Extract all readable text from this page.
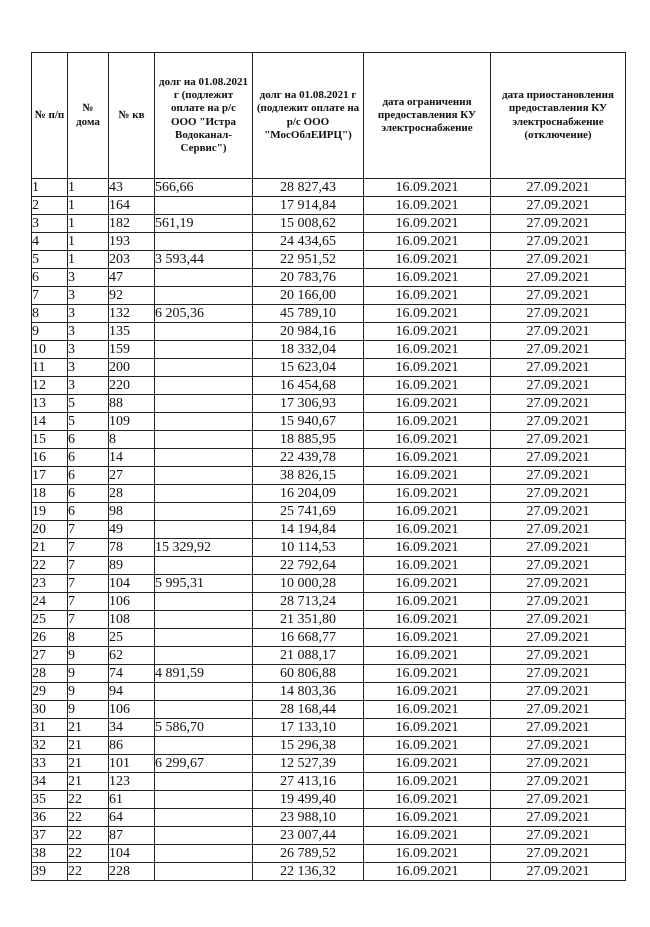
№ п/п	№ дома	№ кв	долг на 01.08.2021 г (подлежит оплате на р/с ООО "Истра Водоканал-Сервис")	долг на 01.08.2021 г (подлежит оплате на р/с ООО "МосОблЕИРЦ")	дата ограничения предоставления КУ электроснабжение	дата приостановления предоставления КУ электроснабжение (отключение)
1	1	43	566,66	28 827,43	16.09.2021	27.09.2021
2	1	164		17 914,84	16.09.2021	27.09.2021
3	1	182	561,19	15 008,62	16.09.2021	27.09.2021
4	1	193		24 434,65	16.09.2021	27.09.2021
5	1	203	3 593,44	22 951,52	16.09.2021	27.09.2021
6	3	47		20 783,76	16.09.2021	27.09.2021
7	3	92		20 166,00	16.09.2021	27.09.2021
8	3	132	6 205,36	45 789,10	16.09.2021	27.09.2021
9	3	135		20 984,16	16.09.2021	27.09.2021
10	3	159		18 332,04	16.09.2021	27.09.2021
11	3	200		15 623,04	16.09.2021	27.09.2021
12	3	220		16 454,68	16.09.2021	27.09.2021
13	5	88		17 306,93	16.09.2021	27.09.2021
14	5	109		15 940,67	16.09.2021	27.09.2021
15	6	8		18 885,95	16.09.2021	27.09.2021
16	6	14		22 439,78	16.09.2021	27.09.2021
17	6	27		38 826,15	16.09.2021	27.09.2021
18	6	28		16 204,09	16.09.2021	27.09.2021
19	6	98		25 741,69	16.09.2021	27.09.2021
20	7	49		14 194,84	16.09.2021	27.09.2021
21	7	78	15 329,92	10 114,53	16.09.2021	27.09.2021
22	7	89		22 792,64	16.09.2021	27.09.2021
23	7	104	5 995,31	10 000,28	16.09.2021	27.09.2021
24	7	106		28 713,24	16.09.2021	27.09.2021
25	7	108		21 351,80	16.09.2021	27.09.2021
26	8	25		16 668,77	16.09.2021	27.09.2021
27	9	62		21 088,17	16.09.2021	27.09.2021
28	9	74	4 891,59	60 806,88	16.09.2021	27.09.2021
29	9	94		14 803,36	16.09.2021	27.09.2021
30	9	106		28 168,44	16.09.2021	27.09.2021
31	21	34	5 586,70	17 133,10	16.09.2021	27.09.2021
32	21	86		15 296,38	16.09.2021	27.09.2021
33	21	101	6 299,67	12 527,39	16.09.2021	27.09.2021
34	21	123		27 413,16	16.09.2021	27.09.2021
35	22	61		19 499,40	16.09.2021	27.09.2021
36	22	64		23 988,10	16.09.2021	27.09.2021
37	22	87		23 007,44	16.09.2021	27.09.2021
38	22	104		26 789,52	16.09.2021	27.09.2021
39	22	228		22 136,32	16.09.2021	27.09.2021
